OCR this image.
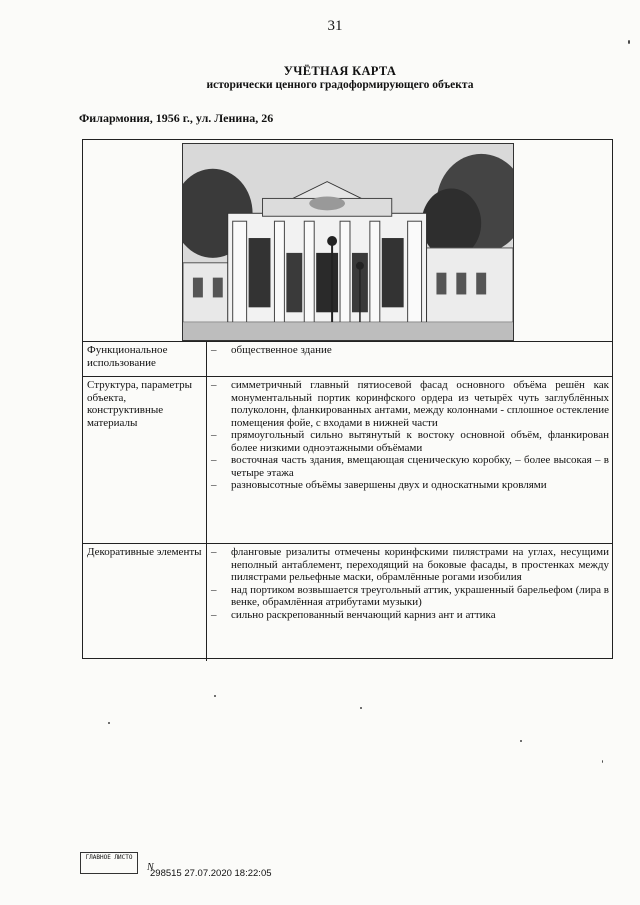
31
УЧЁТНАЯ КАРТА
исторически ценного градоформирующего объекта
Филармония, 1956 г., ул. Ленина, 26
Функциональное использование
– общественное здание
Структура, параметры объекта, конструктивные материалы
– симметричный главный пятиосевой фасад основного объёма решён как монументальный портик коринфского ордера из четырёх чуть заглублённых полуколонн, фланкированных антами, между колоннами - сплошное остекление помещения фойе, с входами в нижней части
– прямоугольный сильно вытянутый к востоку основной объём, фланкирован более низкими одноэтажными объёмами
– восточная часть здания, вмещающая сценическую коробку, – более высокая – в четыре этажа
– разновысотные объёмы завершены двух и односкатными кровлями
Декоративные элементы – фланговые ризалиты отмечены коринфскими пилястрами на углах, несущими неполный антаблемент, переходящий на боковые фасады, в простенках между пилястрами рельефные маски, обрамлённые рогами изобилия
– над портиком возвышается треугольный аттик, украшенный барельефом (лира в венке, обрамлённая атрибутами музыки)
– сильно раскрепованный венчающий карниз ант и аттика
ГЛАВНОЕ ЛИСТО
N
298515 27.07.2020 18:22:05
